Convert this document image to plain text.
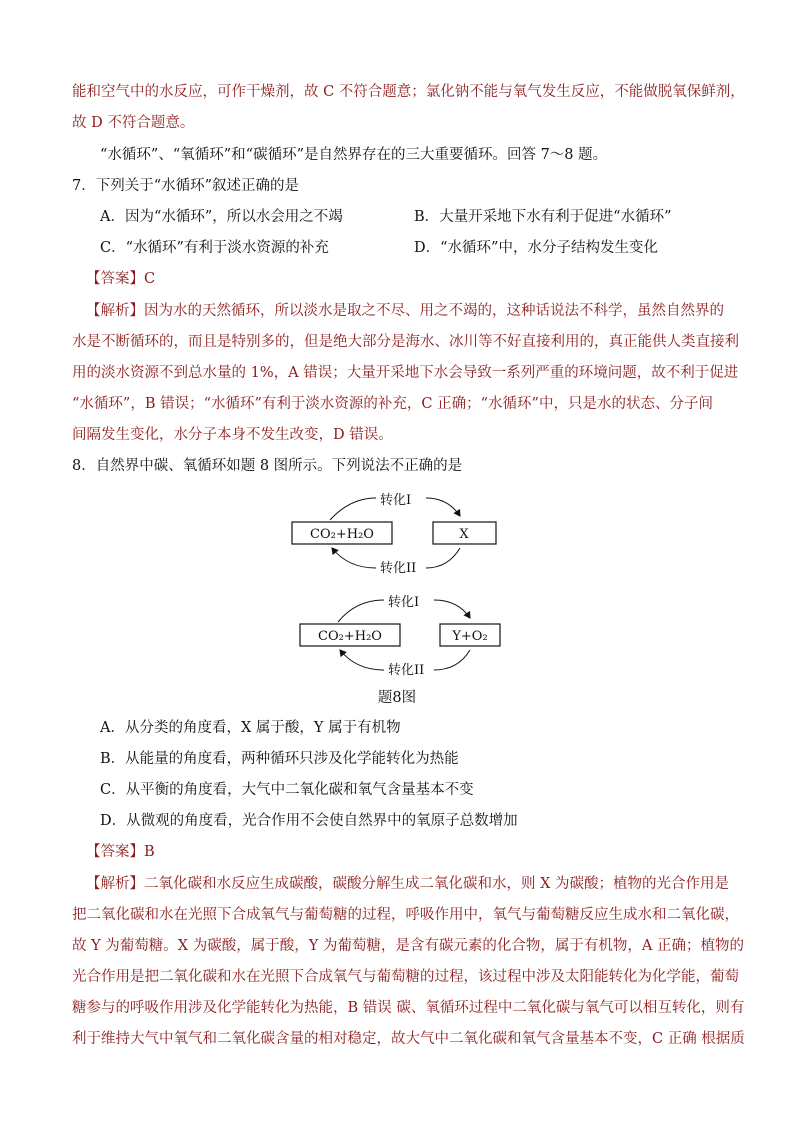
能和空气中的水反应，可作干燥剂，故 C 不符合题意；氯化钠不能与氧气发生反应，不能做脱氧保鲜剂，
故 D 不符合题意。
“水循环”、“氧循环”和“碳循环”是自然界存在的三大重要循环。回答 7～8 题。
7．下列关于“水循环”叙述正确的是
A．因为“水循环”，所以水会用之不竭	B．大量开采地下水有利于促进“水循环”
C．“水循环”有利于淡水资源的补充	D．“水循环”中，水分子结构发生变化
【答案】C
【解析】因为水的天然循环，所以淡水是取之不尽、用之不竭的，这种话说法不科学，虽然自然界的
水是不断循环的，而且是特别多的，但是绝大部分是海水、冰川等不好直接利用的，真正能供人类直接利
用的淡水资源不到总水量的 1%，A 错误；大量开采地下水会导致一系列严重的环境问题，故不利于促进
“水循环”，B 错误；“水循环”有利于淡水资源的补充，C 正确；“水循环”中，只是水的状态、分子间
间隔发生变化，水分子本身不发生改变，D 错误。
8．自然界中碳、氧循环如题 8 图所示。下列说法不正确的是
转化I
CO₂+H₂O	X
转化II
转化I
CO₂+H₂O	Y+O₂
转化II
题8图
A．从分类的角度看，X 属于酸，Y 属于有机物
B．从能量的角度看，两种循环只涉及化学能转化为热能
C．从平衡的角度看，大气中二氧化碳和氧气含量基本不变
D．从微观的角度看，光合作用不会使自然界中的氧原子总数增加
【答案】B
【解析】二氧化碳和水反应生成碳酸，碳酸分解生成二氧化碳和水，则 X 为碳酸；植物的光合作用是
把二氧化碳和水在光照下合成氧气与葡萄糖的过程，呼吸作用中，氧气与葡萄糖反应生成水和二氧化碳，
故 Y 为葡萄糖。X 为碳酸，属于酸，Y 为葡萄糖，是含有碳元素的化合物，属于有机物，A 正确；植物的
光合作用是把二氧化碳和水在光照下合成氧气与葡萄糖的过程，该过程中涉及太阳能转化为化学能，葡萄
糖参与的呼吸作用涉及化学能转化为热能，B 错误 碳、氧循环过程中二氧化碳与氧气可以相互转化，则有
利于维持大气中氧气和二氧化碳含量的相对稳定，故大气中二氧化碳和氧气含量基本不变，C 正确 根据质
